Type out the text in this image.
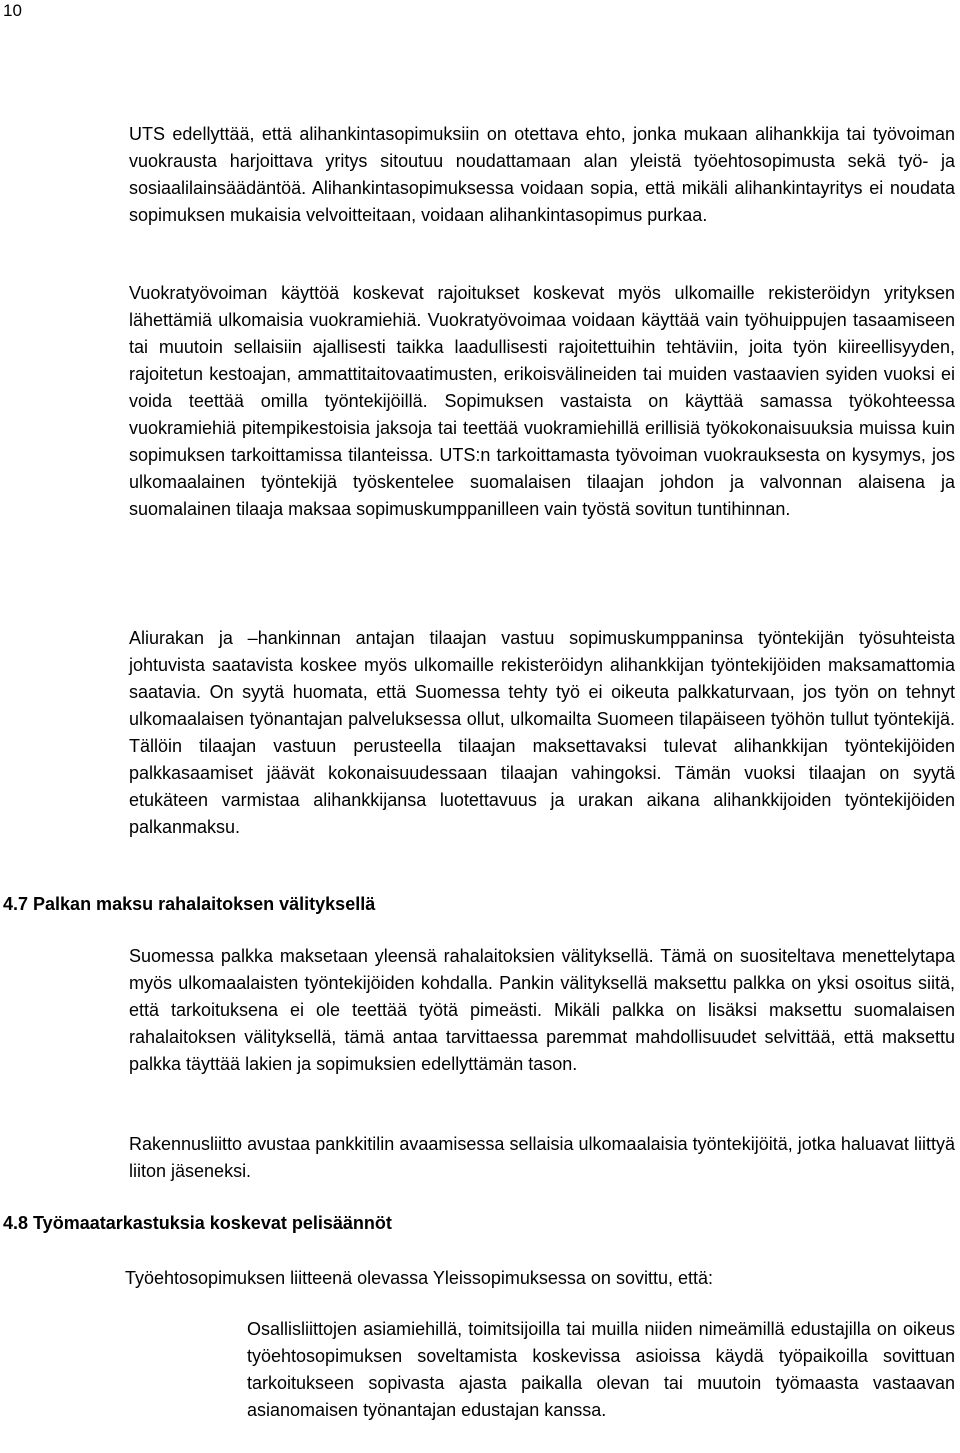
10

UTS edellyttää, että alihankintasopimuksiin on otettava ehto, jonka mukaan alihankkija tai työvoiman vuokrausta harjoittava yritys sitoutuu noudattamaan alan yleistä työehtosopimusta sekä työ- ja sosiaalilainsäädäntöä. Alihankintasopimuksessa voidaan sopia, että mikäli alihankintayritys ei noudata sopimuksen mukaisia velvoitteitaan, voidaan alihankintasopimus purkaa.

Vuokratyövoiman käyttöä koskevat rajoitukset koskevat myös ulkomaille rekisteröidyn yrityksen lähettämiä ulkomaisia vuokramiehiä. Vuokratyövoimaa voidaan käyttää vain työhuippujen tasaamiseen tai muutoin sellaisiin ajallisesti taikka laadullisesti rajoitettuihin tehtäviin, joita työn kiireellisyyden, rajoitetun kestoajan, ammattitaitovaatimusten, erikoisvälineiden tai muiden vastaavien syiden vuoksi ei voida teettää omilla työntekijöillä. Sopimuksen vastaista on käyttää samassa työkohteessa vuokramiehiä pitempikestoisia jaksoja tai teettää vuokramiehillä erillisiä työkokonaisuuksia muissa kuin sopimuksen tarkoittamissa tilanteissa. UTS:n tarkoittamasta työvoiman vuokrauksesta on kysymys, jos ulkomaalainen työntekijä työskentelee suomalaisen tilaajan johdon ja valvonnan alaisena ja suomalainen tilaaja maksaa sopimuskumppanilleen vain työstä sovitun tuntihinnan.

Aliurakan ja –hankinnan antajan tilaajan vastuu sopimuskumppaninsa työntekijän työsuhteista johtuvista saatavista koskee myös ulkomaille rekisteröidyn alihankkijan työntekijöiden maksamattomia saatavia. On syytä huomata, että Suomessa tehty työ ei oikeuta palkkaturvaan, jos työn on tehnyt ulkomaalaisen työnantajan palveluksessa ollut, ulkomailta Suomeen tilapäiseen työhön tullut työntekijä. Tällöin tilaajan vastuun perusteella tilaajan maksettavaksi tulevat alihankkijan työntekijöiden palkkasaamiset jäävät kokonaisuudessaan tilaajan vahingoksi. Tämän vuoksi tilaajan on syytä etukäteen varmistaa alihankkijansa luotettavuus ja urakan aikana alihankkijoiden työntekijöiden palkanmaksu.

4.7 Palkan maksu rahalaitoksen välityksellä

Suomessa palkka maksetaan yleensä rahalaitoksien välityksellä. Tämä on suositeltava menettelytapa myös ulkomaalaisten työntekijöiden kohdalla. Pankin välityksellä maksettu palkka on yksi osoitus siitä, että tarkoituksena ei ole teettää työtä pimeästi. Mikäli palkka on lisäksi maksettu suomalaisen rahalaitoksen välityksellä, tämä antaa tarvittaessa paremmat mahdollisuudet selvittää, että maksettu palkka täyttää lakien ja sopimuksien edellyttämän tason.

Rakennusliitto avustaa pankkitilin avaamisessa sellaisia ulkomaalaisia työntekijöitä, jotka haluavat liittyä liiton jäseneksi.

4.8 Työmaatarkastuksia koskevat pelisäännöt

Työehtosopimuksen liitteenä olevassa Yleissopimuksessa on sovittu, että:

Osallisliittojen asiamiehillä, toimitsijoilla tai muilla niiden nimeämillä edustajilla on oikeus työehtosopimuksen soveltamista koskevissa asioissa käydä työpaikoilla sovittuan tarkoitukseen sopivasta ajasta paikalla olevan tai muutoin työmaasta vastaavan asianomaisen työnantajan edustajan kanssa.
